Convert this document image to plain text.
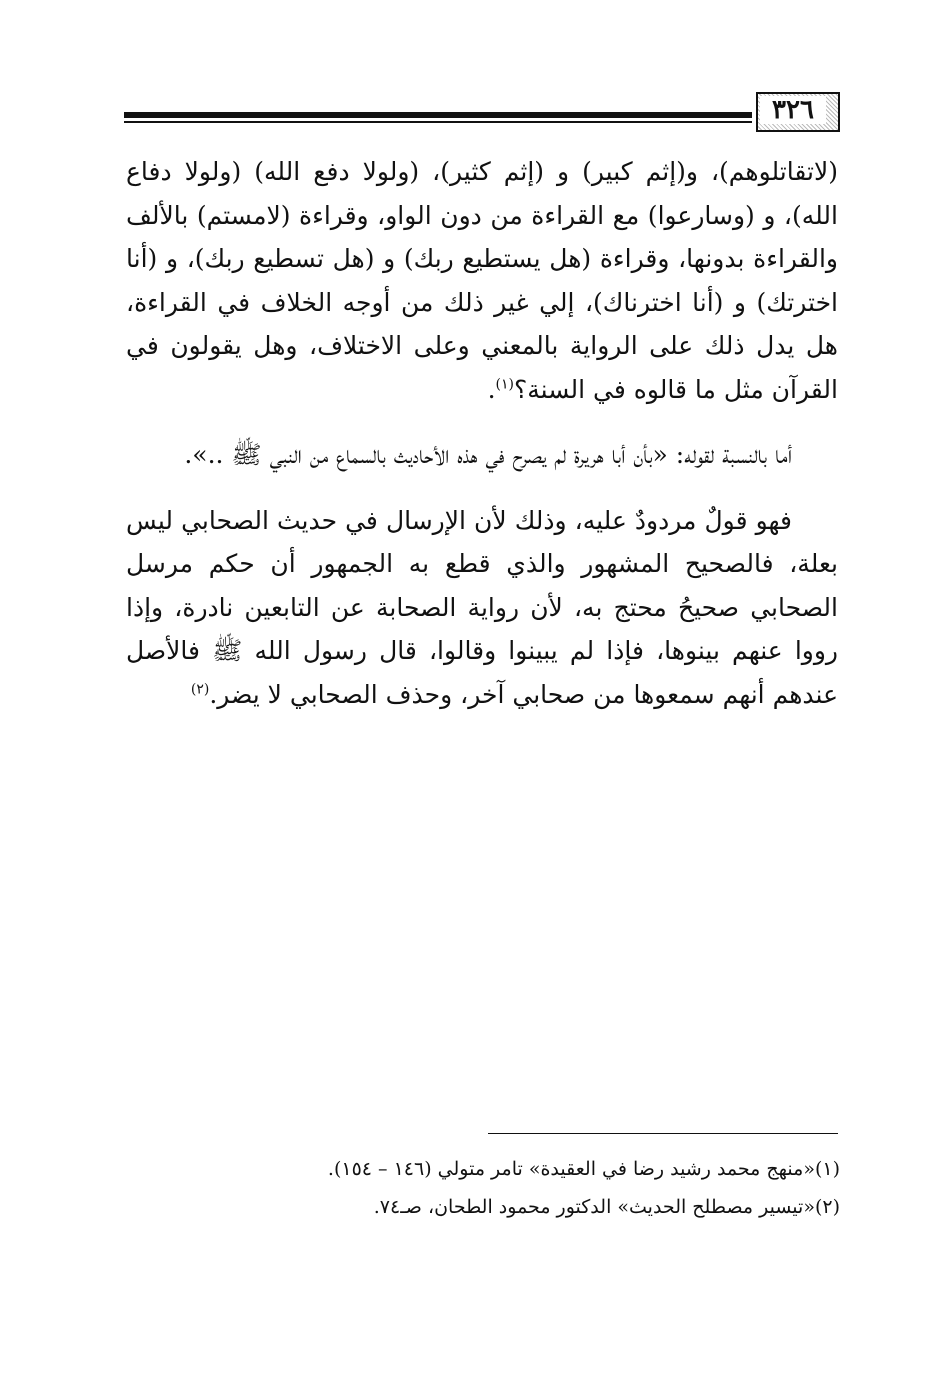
٣٢٦

(لاتقاتلوهم)، و(إثم كبير) و (إثم كثير)، (ولولا دفع الله) (ولولا دفاع الله)، و (وسارعوا) مع القراءة من دون الواو، وقراءة (لامستم) بالألف والقراءة بدونها، وقراءة (هل يستطيع ربك) و (هل تسطيع ربك)، و (أنا اخترتك) و (أنا اخترناك)، إلي غير ذلك من أوجه الخلاف في القراءة، هل يدل ذلك على الرواية بالمعني وعلى الاختلاف، وهل يقولون في القرآن مثل ما قالوه في السنة؟$^{(١)}$.

أما بالنسبة لقوله: «بأن أبا هريرة لم يصرح في هذه الأحاديث بالسماع من النبي ﷺ ..».

فهو قولٌ مردودٌ عليه، وذلك لأن الإرسال في حديث الصحابي ليس بعلة، فالصحيح المشهور والذي قطع به الجمهور أن حكم مرسل الصحابي صحيحُ محتج به، لأن رواية الصحابة عن التابعين نادرة، وإذا رووا عنهم بينوها، فإذا لم يبينوا وقالوا، قال رسول الله ﷺ فالأصل عندهم أنهم سمعوها من صحابي آخر، وحذف الصحابي لا يضر.$^{(٢)}$

(١)«منهج محمد رشيد رضا في العقيدة» تامر متولي (١٤٦ – ١٥٤).

(٢)«تيسير مصطلح الحديث» الدكتور محمود الطحان، صـ٧٤.
